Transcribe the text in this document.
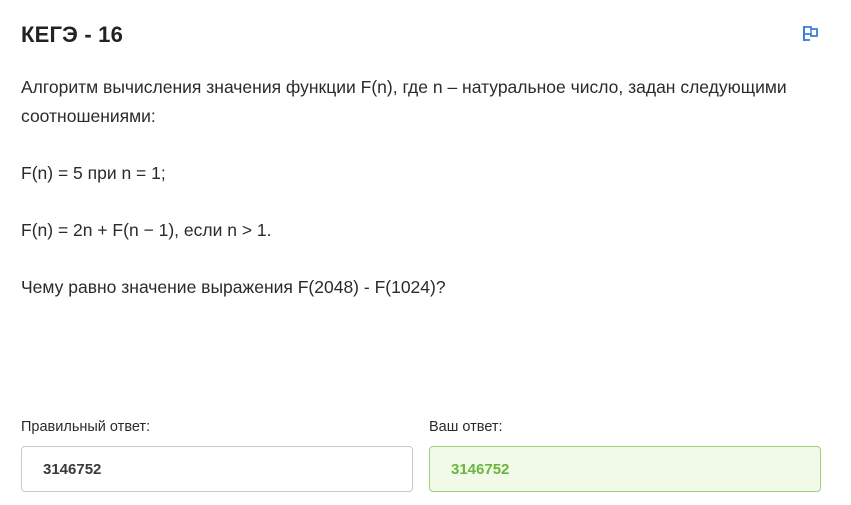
КЕГЭ - 16

Алгоритм вычисления значения функции F(n), где n – натуральное число, задан следующими соотношениями:

F(n) = 5 при n = 1;

F(n) = 2n + F(n − 1), если n > 1.

Чему равно значение выражения F(2048) - F(1024)?

Правильный ответ:
3146752
Ваш ответ:
3146752
